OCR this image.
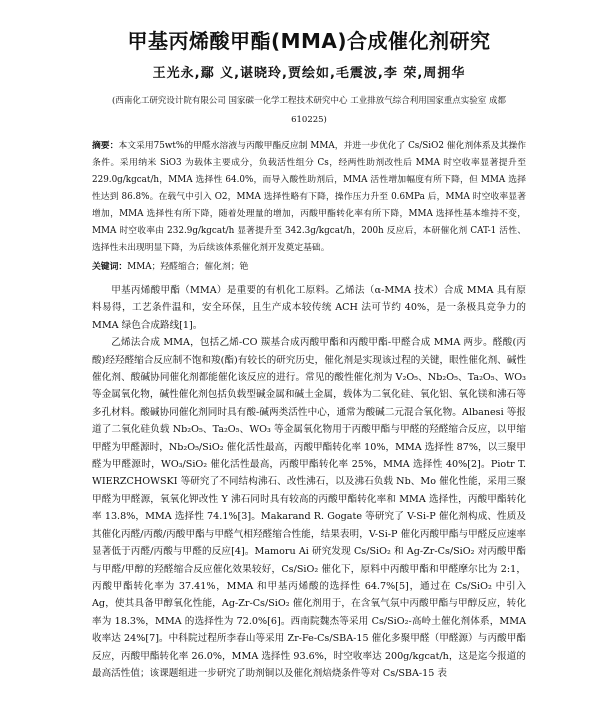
甲基丙烯酸甲酯(MMA)合成催化剂研究
王光永,鄢 义,谌晓玲,贾绘如,毛震波,李 荣,周拥华
(西南化工研究设计院有限公司 国家碳一化学工程技术研究中心 工业排放气综合利用国家重点实验室 成都 610225)

摘要：本文采用75wt%的甲醛水溶液与丙酸甲酯反应制 MMA，并进一步优化了 Cs/SiO2 催化剂体系及其操作条件。采用纳米 SiO3 为载体主要成分，负载活性组分 Cs，经两性助剂改性后 MMA 时空收率显著提升至 229.0g/kgcat/h，MMA 选择性 64.0%，而导入酸性助剂后，MMA 活性增加幅度有所下降，但 MMA 选择性达到 86.8%。在载气中引入 O2，MMA 选择性略有下降，操作压力升至 0.6MPa 后，MMA 时空收率显著增加，MMA 选择性有所下降，随着处理量的增加，丙酸甲酯转化率有所下降，MMA 选择性基本维持不变，MMA 时空收率由 232.9g/kgcat/h 显著提升至 342.3g/kgcat/h，200h 反应后，本研催化剂 CAT-1 活性、选择性未出现明显下降，为后续该体系催化剂开发奠定基础。

关键词：MMA；羟醛缩合；催化剂；铯

甲基丙烯酸甲酯（MMA）是重要的有机化工原料。乙烯法（α-MMA 技术）合成 MMA 具有原料易得，工艺条件温和，安全环保，且生产成本较传统 ACH 法可节约 40%，是一条极具竞争力的 MMA 绿色合成路线[1]。

乙烯法合成 MMA，包括乙烯-CO 羰基合成丙酸甲酯和丙酸甲酯-甲醛合成 MMA 两步。醛酸(丙酸)经羟醛缩合反应制不饱和羧(酯)有较长的研究历史，催化剂是实现该过程的关键，眼性催化剂、碱性催化剂、酸碱协同催化剂都能催化该反应的进行。常见的酸性催化剂为 V₂O₅、Nb₂O₅、Ta₂O₅、WO₃ 等金属氧化物，碱性催化剂包括负载型碱金属和碱土金属，载体为二氧化硅、氧化铝、氧化镁和沸石等多孔材料。酸碱协同催化剂同时具有酸-碱两类活性中心，通常为酸碱二元混合氧化物。Albanesi 等报道了二氧化硅负载 Nb₂O₅、Ta₂O₅、WO₃ 等金属氧化物用于丙酸甲酯与甲醛的羟醛缩合反应，以甲缩甲醛为甲醛源时，Nb₂O₅/SiO₂ 催化活性最高，丙酸甲酯转化率 10%，MMA 选择性 87%，以三聚甲醛为甲醛源时，WO₃/SiO₂ 催化活性最高，丙酸甲酯转化率 25%，MMA 选择性 40%[2]。Piotr T. WIERZCHOWSKI 等研究了不同结构沸石、改性沸石，以及沸石负载 Nb、Mo 催化性能，采用三聚甲醛为甲醛源，氧氧化钾改性 Y 沸石同时具有较高的丙酸甲酯转化率和 MMA 选择性，丙酸甲酯转化率 13.8%，MMA 选择性 74.1%[3]。Makarand R. Gogate 等研究了 V-Si-P 催化剂构成、性质及其催化丙醛/丙酸/丙酸甲酯与甲醛气相羟醛缩合性能，结果表明，V-Si-P 催化丙酸甲酯与甲醛反应速率显著低于丙醛/丙酸与甲醛的反应[4]。Mamoru Ai 研究发现 Cs/SiO₂ 和 Ag-Zr-Cs/SiO₂ 对丙酸甲酯与甲醛/甲醇的羟醛缩合反应催化效果较好，Cs/SiO₂ 催化下，原料中丙酸甲酯和甲醛摩尔比为 2:1，丙酸甲酯转化率为 37.41%，MMA 和甲基丙烯酸的选择性 64.7%[5]，通过在 Cs/SiO₂ 中引入 Ag，使其具备甲醇氧化性能，Ag-Zr-Cs/SiO₂ 催化剂用于，在含氧气氛中丙酸甲酯与甲醇反应，转化率为 18.3%，MMA 的选择性为 72.0%[6]。西南院魏杰等采用 Cs/SiO₂-高岭土催化剂体系，MMA 收率达 24%[7]。中科院过程所李春山等采用 Zr-Fe-Cs/SBA-15 催化多聚甲醛（甲醛源）与丙酸甲酯反应，丙酸甲酯转化率 26.0%，MMA 选择性 93.6%，时空收率达 200g/kgcat/h，这是迄今报道的最高活性值；该课题组进一步研究了助剂铜以及催化剂焙烧条件等对 Cs/SBA-15 表
